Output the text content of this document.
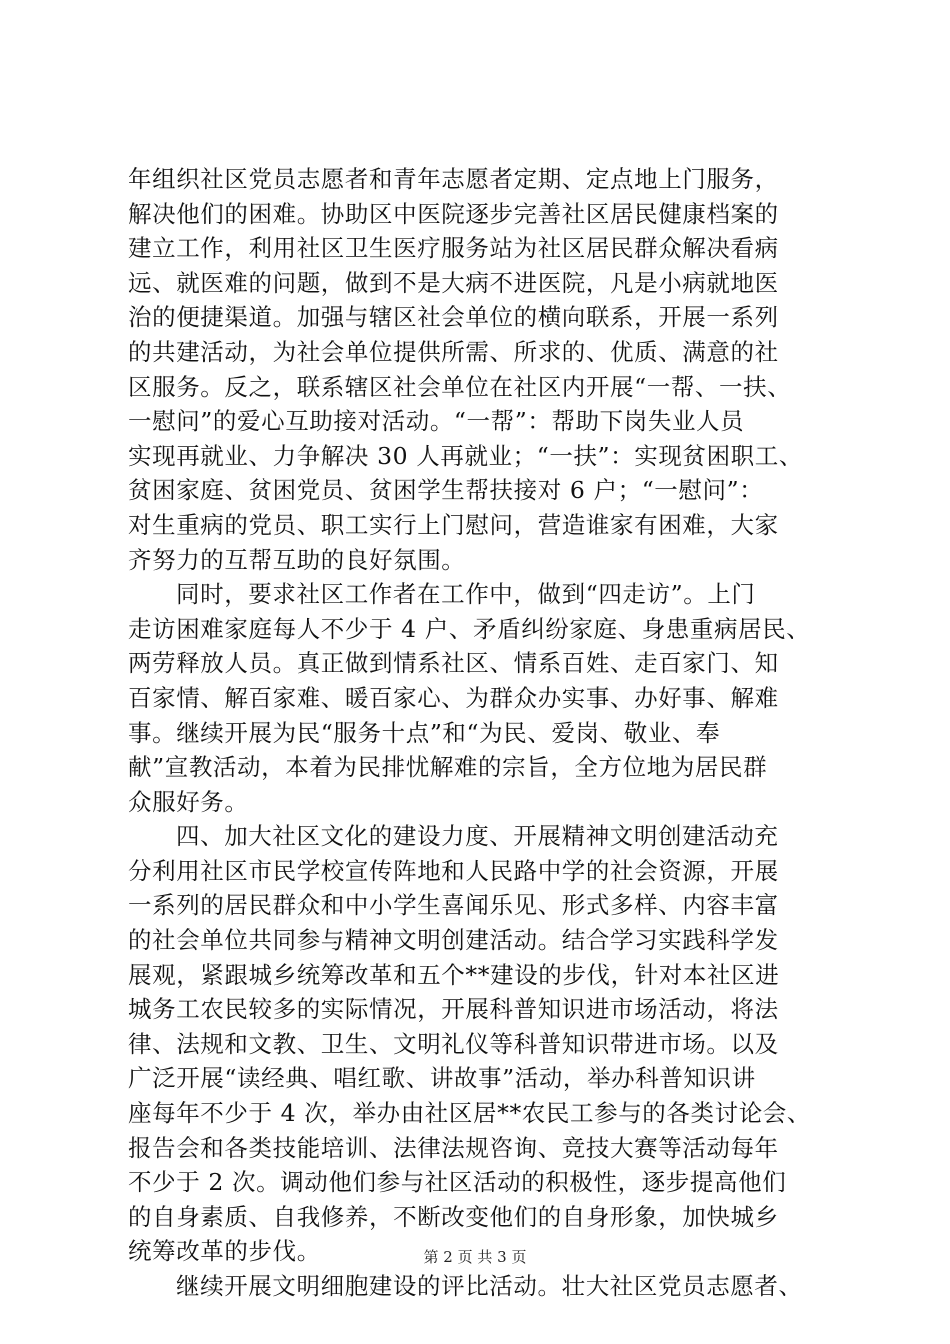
年组织社区党员志愿者和青年志愿者定期、定点地上门服务，
解决他们的困难。协助区中医院逐步完善社区居民健康档案的
建立工作，利用社区卫生医疗服务站为社区居民群众解决看病
远、就医难的问题，做到不是大病不进医院，凡是小病就地医
治的便捷渠道。加强与辖区社会单位的横向联系，开展一系列
的共建活动，为社会单位提供所需、所求的、优质、满意的社
区服务。反之，联系辖区社会单位在社区内开展“一帮、一扶、
一慰问”的爱心互助接对活动。“一帮”：帮助下岗失业人员
实现再就业、力争解决 30 人再就业；“一扶”：实现贫困职工、
贫困家庭、贫困党员、贫困学生帮扶接对 6 户；“一慰问”：
对生重病的党员、职工实行上门慰问，营造谁家有困难，大家
齐努力的互帮互助的良好氛围。
同时，要求社区工作者在工作中，做到“四走访”。上门
走访困难家庭每人不少于 4 户、矛盾纠纷家庭、身患重病居民、
两劳释放人员。真正做到情系社区、情系百姓、走百家门、知
百家情、解百家难、暖百家心、为群众办实事、办好事、解难
事。继续开展为民“服务十点”和“为民、爱岗、敬业、奉
献”宣教活动，本着为民排忧解难的宗旨，全方位地为居民群
众服好务。
四、加大社区文化的建设力度、开展精神文明创建活动充
分利用社区市民学校宣传阵地和人民路中学的社会资源，开展
一系列的居民群众和中小学生喜闻乐见、形式多样、内容丰富
的社会单位共同参与精神文明创建活动。结合学习实践科学发
展观，紧跟城乡统筹改革和五个**建设的步伐，针对本社区进
城务工农民较多的实际情况，开展科普知识进市场活动，将法
律、法规和文教、卫生、文明礼仪等科普知识带进市场。以及
广泛开展“读经典、唱红歌、讲故事”活动，举办科普知识讲
座每年不少于 4 次，举办由社区居**农民工参与的各类讨论会、
报告会和各类技能培训、法律法规咨询、竞技大赛等活动每年
不少于 2 次。调动他们参与社区活动的积极性，逐步提高他们
的自身素质、自我修养，不断改变他们的自身形象，加快城乡
统筹改革的步伐。
继续开展文明细胞建设的评比活动。壮大社区党员志愿者、
第 2 页 共 3 页
